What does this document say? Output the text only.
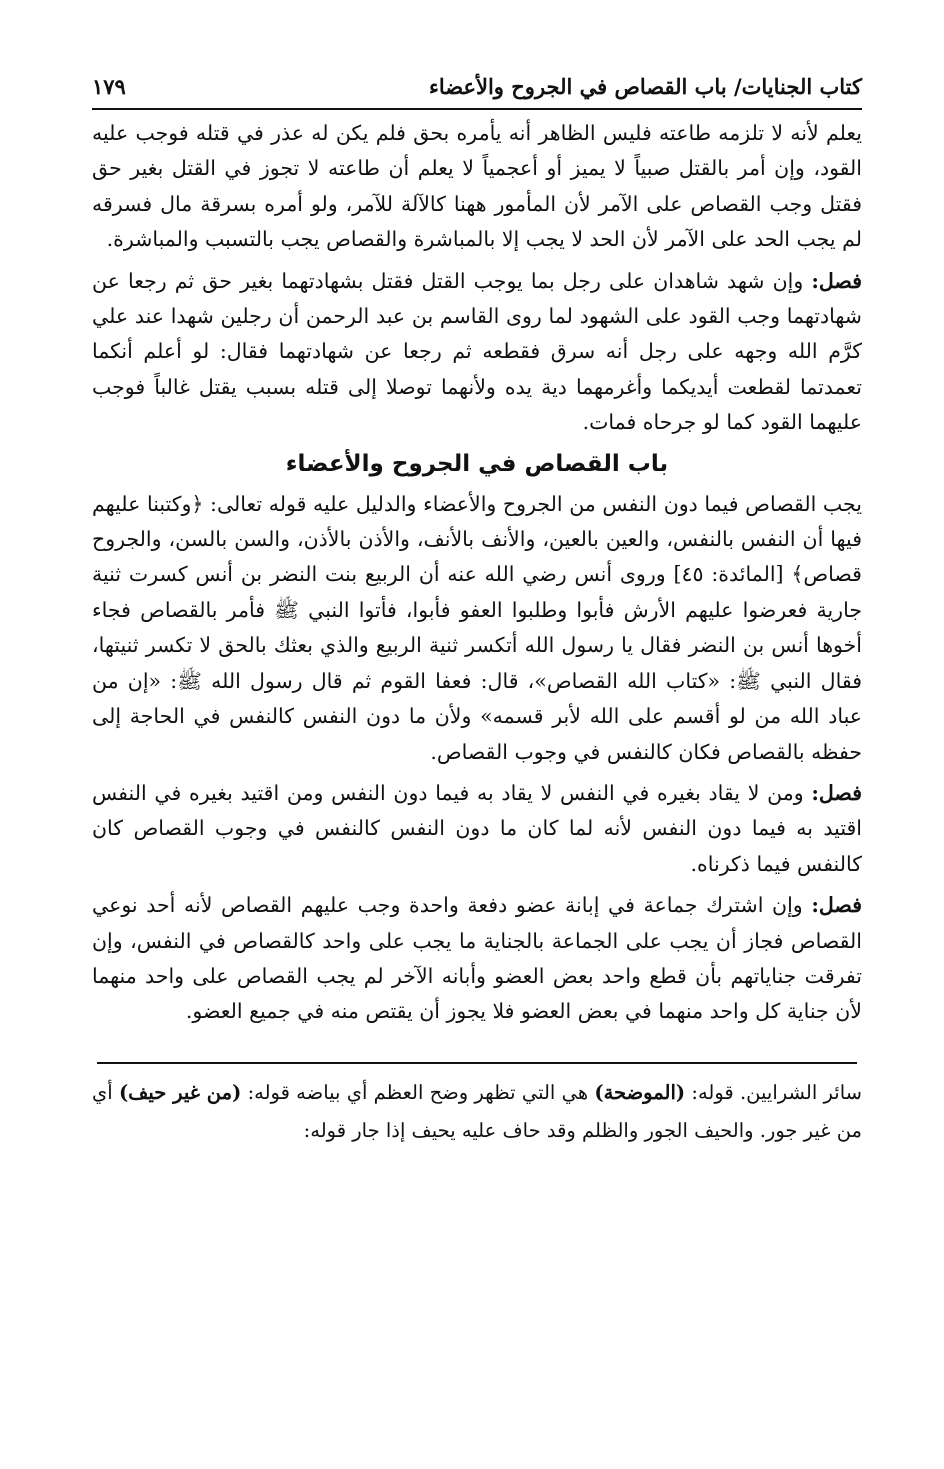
كتاب الجنايات/ باب القصاص في الجروح والأعضاء
١٧٩

يعلم لأنه لا تلزمه طاعته فليس الظاهر أنه يأمره بحق فلم يكن له عذر في قتله فوجب عليه القود، وإن أمر بالقتل صبياً لا يميز أو أعجمياً لا يعلم أن طاعته لا تجوز في القتل بغير حق فقتل وجب القصاص على الآمر لأن المأمور ههنا كالآلة للآمر، ولو أمره بسرقة مال فسرقه لم يجب الحد على الآمر لأن الحد لا يجب إلا بالمباشرة والقصاص يجب بالتسبب والمباشرة.

فصل: وإن شهد شاهدان على رجل بما يوجب القتل فقتل بشهادتهما بغير حق ثم رجعا عن شهادتهما وجب القود على الشهود لما روى القاسم بن عبد الرحمن أن رجلين شهدا عند علي كرَّم الله وجهه على رجل أنه سرق فقطعه ثم رجعا عن شهادتهما فقال: لو أعلم أنكما تعمدتما لقطعت أيديكما وأغرمهما دية يده ولأنهما توصلا إلى قتله بسبب يقتل غالباً فوجب عليهما القود كما لو جرحاه فمات.

باب القصاص في الجروح والأعضاء

يجب القصاص فيما دون النفس من الجروح والأعضاء والدليل عليه قوله تعالى: ﴿وكتبنا عليهم فيها أن النفس بالنفس، والعين بالعين، والأنف بالأنف، والأذن بالأذن، والسن بالسن، والجروح قصاص﴾ [المائدة: ٤٥] وروى أنس رضي الله عنه أن الربيع بنت النضر بن أنس كسرت ثنية جارية فعرضوا عليهم الأرش فأبوا وطلبوا العفو فأبوا، فأتوا النبي ﷺ فأمر بالقصاص فجاء أخوها أنس بن النضر فقال يا رسول الله أتكسر ثنية الربيع والذي بعثك بالحق لا تكسر ثنيتها، فقال النبي ﷺ: «كتاب الله القصاص»، قال: فعفا القوم ثم قال رسول الله ﷺ: «إن من عباد الله من لو أقسم على الله لأبر قسمه» ولأن ما دون النفس كالنفس في الحاجة إلى حفظه بالقصاص فكان كالنفس في وجوب القصاص.

فصل: ومن لا يقاد بغيره في النفس لا يقاد به فيما دون النفس ومن اقتيد بغيره في النفس اقتيد به فيما دون النفس لأنه لما كان ما دون النفس كالنفس في وجوب القصاص كان كالنفس فيما ذكرناه.

فصل: وإن اشترك جماعة في إبانة عضو دفعة واحدة وجب عليهم القصاص لأنه أحد نوعي القصاص فجاز أن يجب على الجماعة بالجناية ما يجب على واحد كالقصاص في النفس، وإن تفرقت جناياتهم بأن قطع واحد بعض العضو وأبانه الآخر لم يجب القصاص على واحد منهما لأن جناية كل واحد منهما في بعض العضو فلا يجوز أن يقتص منه في جميع العضو.

سائر الشرايين. قوله: (الموضحة) هي التي تظهر وضح العظم أي بياضه قوله: (من غير حيف) أي من غير جور. والحيف الجور والظلم وقد حاف عليه يحيف إذا جار قوله:
